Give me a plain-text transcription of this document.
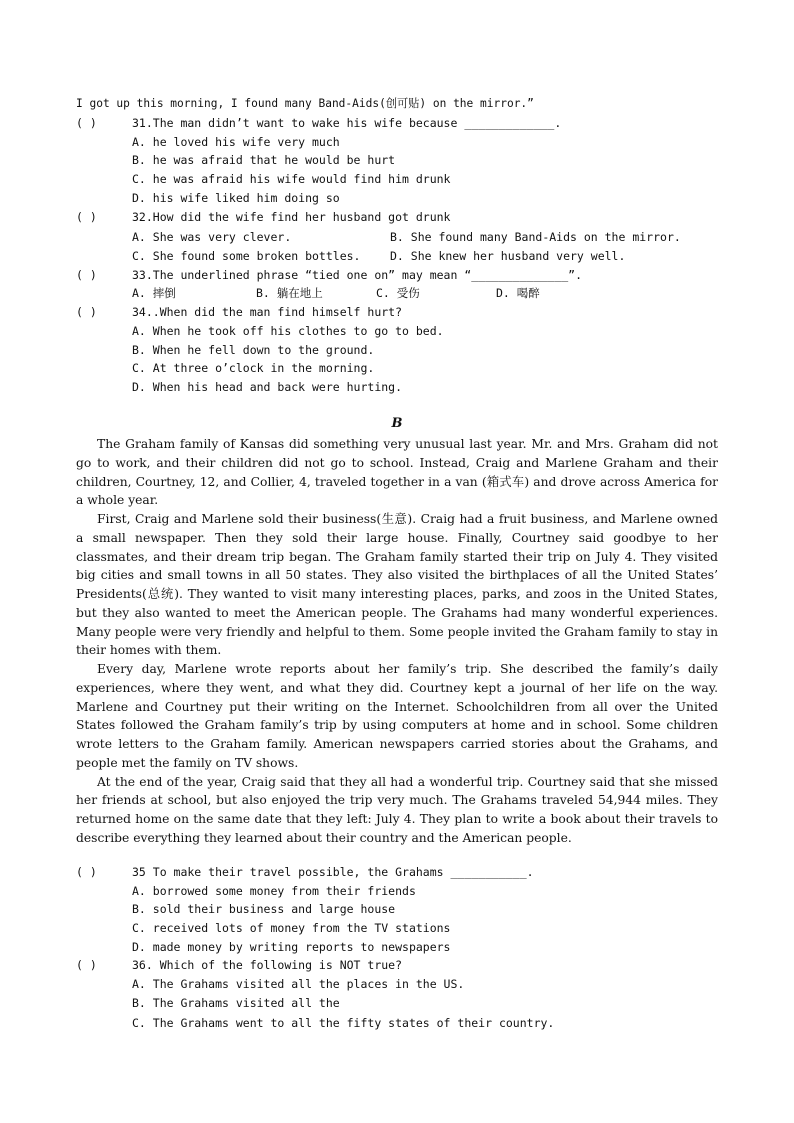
I got up this morning, I found many Band-Aids(创可贴) on the mirror.”
( )	31.The man didn’t want to wake his wife because _____________.
A. he loved his wife very much
B. he was afraid that he would be hurt
C. he was afraid his wife would find him drunk
D. his wife liked him doing so
( )	32.How did the wife find her husband got drunk
A. She was very clever.	B. She found many Band-Aids on the mirror.
C. She found some broken bottles.	D. She knew her husband very well.
( )	33.The underlined phrase “tied one on” may mean “______________”.
A. 摔倒	B. 躺在地上	C. 受伤	D. 喝醉
( )	34..When did the man find himself hurt?
A. When he took off his clothes to go to bed.
B. When he fell down to the ground.
C. At three o’clock in the morning.
D. When his head and back were hurting.
B

The Graham family of Kansas did something very unusual last year. Mr. and Mrs. Graham did not go to work, and their children did not go to school. Instead, Craig and Marlene Graham and their children, Courtney, 12, and Collier, 4, traveled together in a van (箱式车) and drove across America for a whole year.

First, Craig and Marlene sold their business(生意). Craig had a fruit business, and Marlene owned a small newspaper. Then they sold their large house. Finally, Courtney said goodbye to her classmates, and their dream trip began. The Graham family started their trip on July 4. They visited big cities and small towns in all 50 states. They also visited the birthplaces of all the United States’ Presidents(总统). They wanted to visit many interesting places, parks, and zoos in the United States, but they also wanted to meet the American people. The Grahams had many wonderful experiences. Many people were very friendly and helpful to them. Some people invited the Graham family to stay in their homes with them.

Every day, Marlene wrote reports about her family’s trip. She described the family’s daily experiences, where they went, and what they did. Courtney kept a journal of her life on the way. Marlene and Courtney put their writing on the Internet. Schoolchildren from all over the United States followed the Graham family’s trip by using computers at home and in school. Some children wrote letters to the Graham family. American newspapers carried stories about the Grahams, and people met the family on TV shows.

At the end of the year, Craig said that they all had a wonderful trip. Courtney said that she missed her friends at school, but also enjoyed the trip very much. The Grahams traveled 54,944 miles. They returned home on the same date that they left: July 4. They plan to write a book about their travels to describe everything they learned about their country and the American people.

( )	35 To make their travel possible, the Grahams ___________.
A. borrowed some money from their friends
B. sold their business and large house
C. received lots of money from the TV stations
D. made money by writing reports to newspapers
( )	36. Which of the following is NOT true?
A. The Grahams visited all the places in the US.
B. The Grahams visited all the
C. The Grahams went to all the fifty states of their country.
